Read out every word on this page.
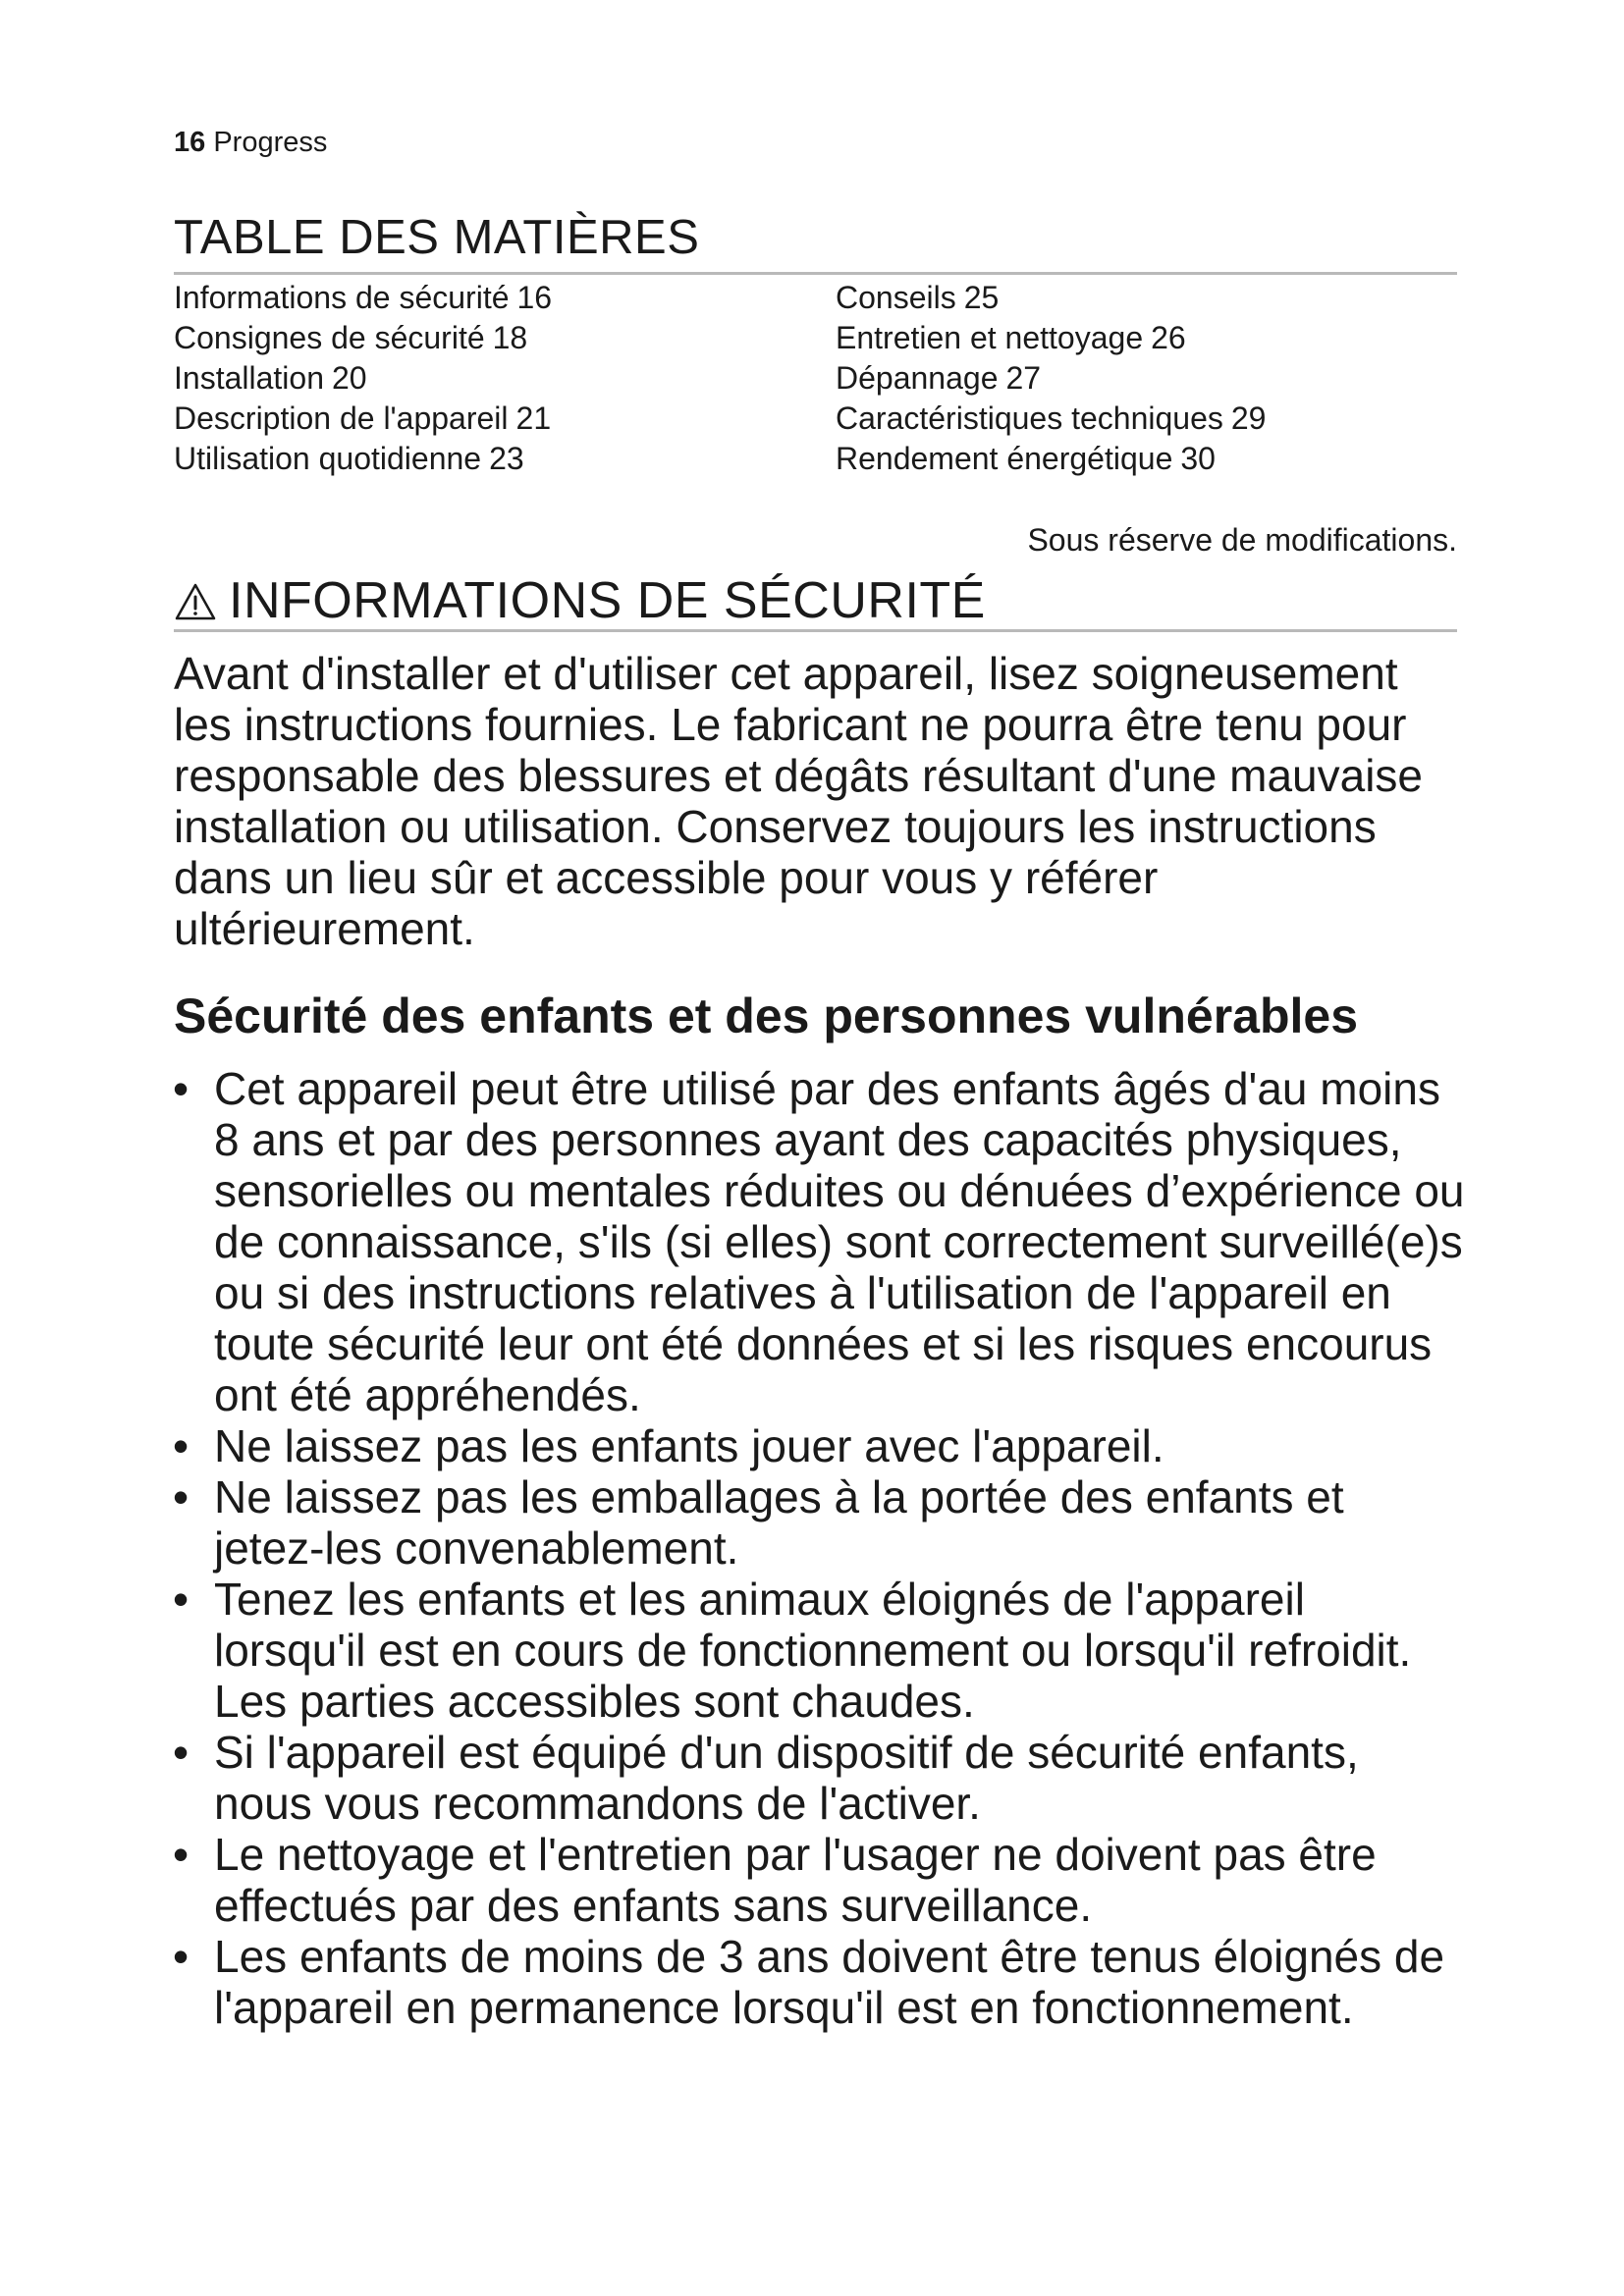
16 Progress
TABLE DES MATIÈRES
Informations de sécurité 16
Consignes de sécurité 18
Installation 20
Description de l'appareil 21
Utilisation quotidienne 23
Conseils 25
Entretien et nettoyage 26
Dépannage 27
Caractéristiques techniques 29
Rendement énergétique 30
Sous réserve de modifications.
INFORMATIONS DE SÉCURITÉ
Avant d'installer et d'utiliser cet appareil, lisez soigneusement les instructions fournies. Le fabricant ne pourra être tenu pour responsable des blessures et dégâts résultant d'une mauvaise installation ou utilisation. Conservez toujours les instructions dans un lieu sûr et accessible pour vous y référer ultérieurement.
Sécurité des enfants et des personnes vulnérables
• Cet appareil peut être utilisé par des enfants âgés d'au moins 8 ans et par des personnes ayant des capacités physiques, sensorielles ou mentales réduites ou dénuées d’expérience ou de connaissance, s'ils (si elles) sont correctement surveillé(e)s ou si des instructions relatives à l'utilisation de l'appareil en toute sécurité leur ont été données et si les risques encourus ont été appréhendés.
• Ne laissez pas les enfants jouer avec l'appareil.
• Ne laissez pas les emballages à la portée des enfants et jetez-les convenablement.
• Tenez les enfants et les animaux éloignés de l'appareil lorsqu'il est en cours de fonctionnement ou lorsqu'il refroidit. Les parties accessibles sont chaudes.
• Si l'appareil est équipé d'un dispositif de sécurité enfants, nous vous recommandons de l'activer.
• Le nettoyage et l'entretien par l'usager ne doivent pas être effectués par des enfants sans surveillance.
• Les enfants de moins de 3 ans doivent être tenus éloignés de l'appareil en permanence lorsqu'il est en fonctionnement.
